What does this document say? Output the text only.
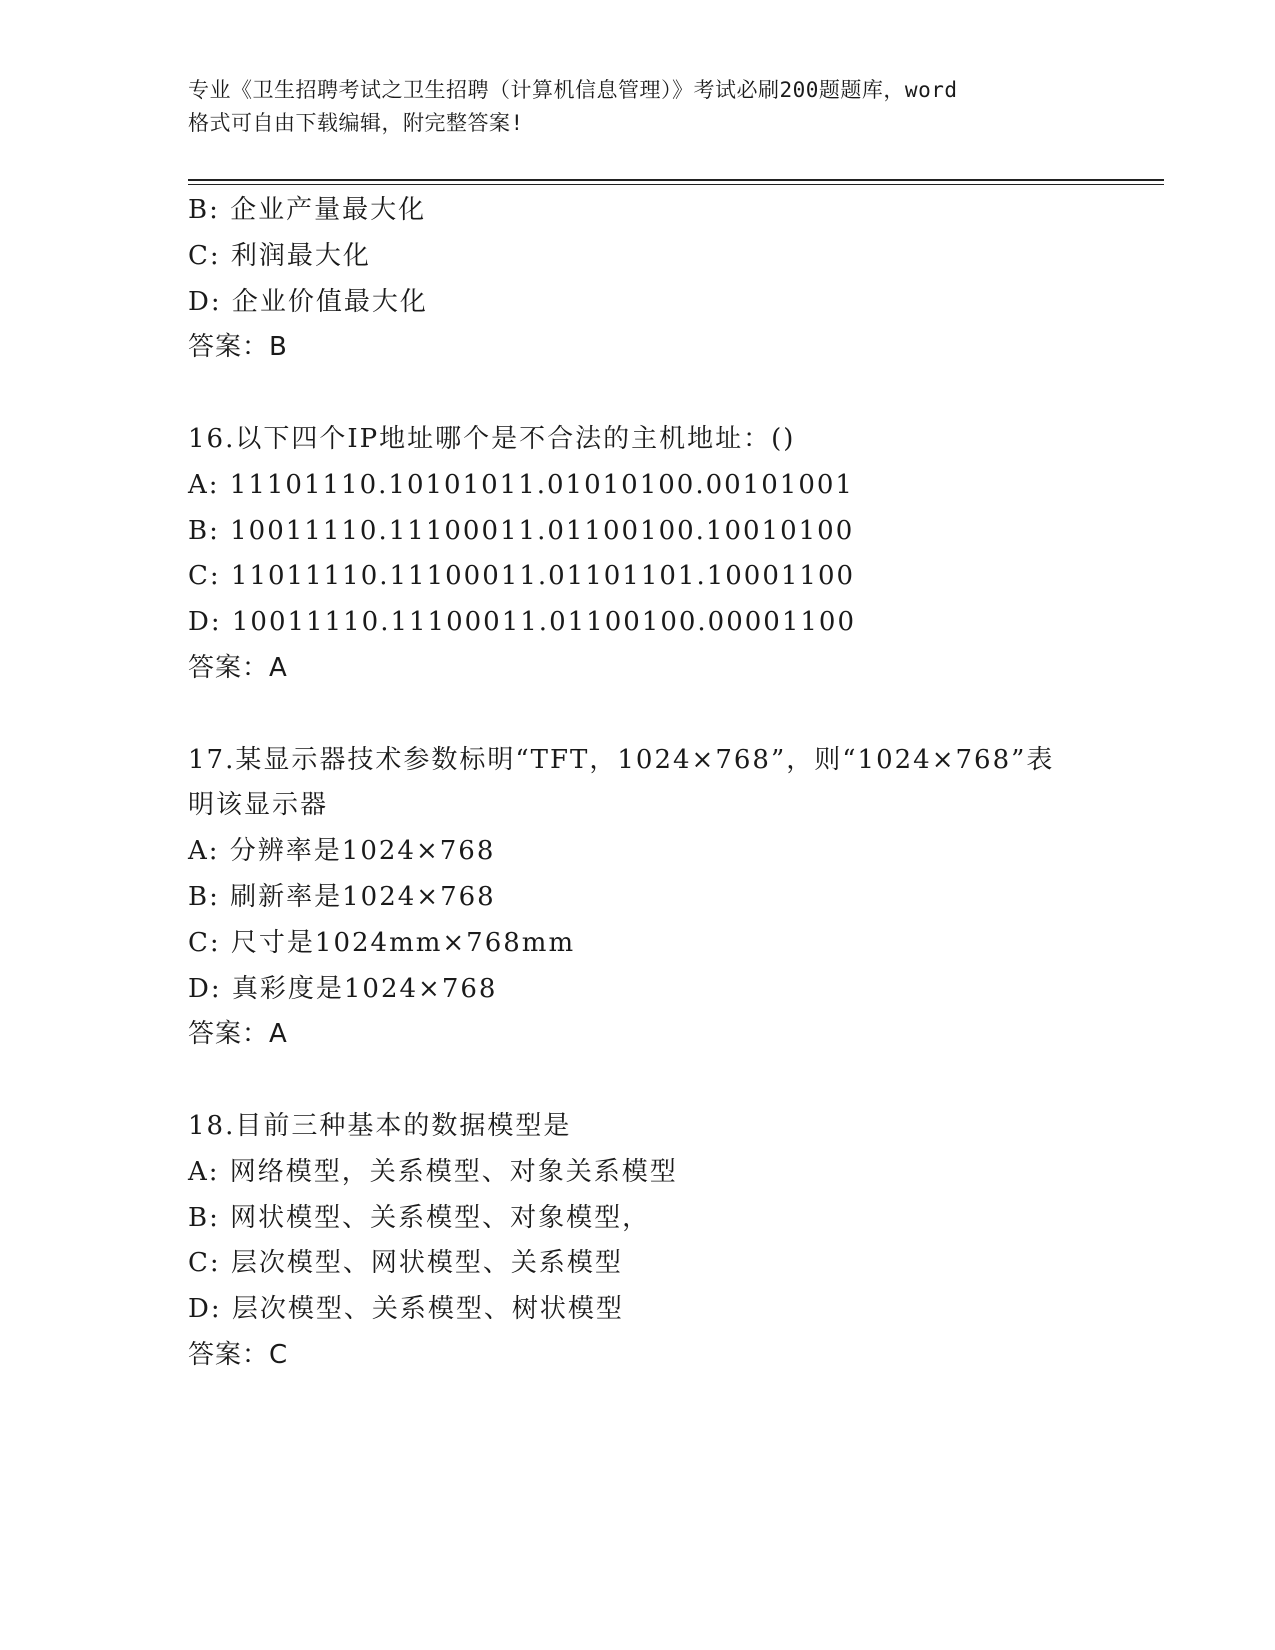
专业《卫生招聘考试之卫生招聘（计算机信息管理）》考试必刷200题题库，word
格式可自由下载编辑，附完整答案!
B: 企业产量最大化
C: 利润最大化
D: 企业价值最大化
答案：B
16.以下四个IP地址哪个是不合法的主机地址：()
A: 11101110.10101011.01010100.00101001
B: 10011110.11100011.01100100.10010100
C: 11011110.11100011.01101101.10001100
D: 10011110.11100011.01100100.00001100
答案：A
17.某显示器技术参数标明“TFT，1024×768”，则“1024×768”表
明该显示器
A: 分辨率是1024×768
B: 刷新率是1024×768
C: 尺寸是1024mm×768mm
D: 真彩度是1024×768
答案：A
18.目前三种基本的数据模型是
A: 网络模型，关系模型、对象关系模型
B: 网状模型、关系模型、对象模型，
C: 层次模型、网状模型、关系模型
D: 层次模型、关系模型、树状模型
答案：C
